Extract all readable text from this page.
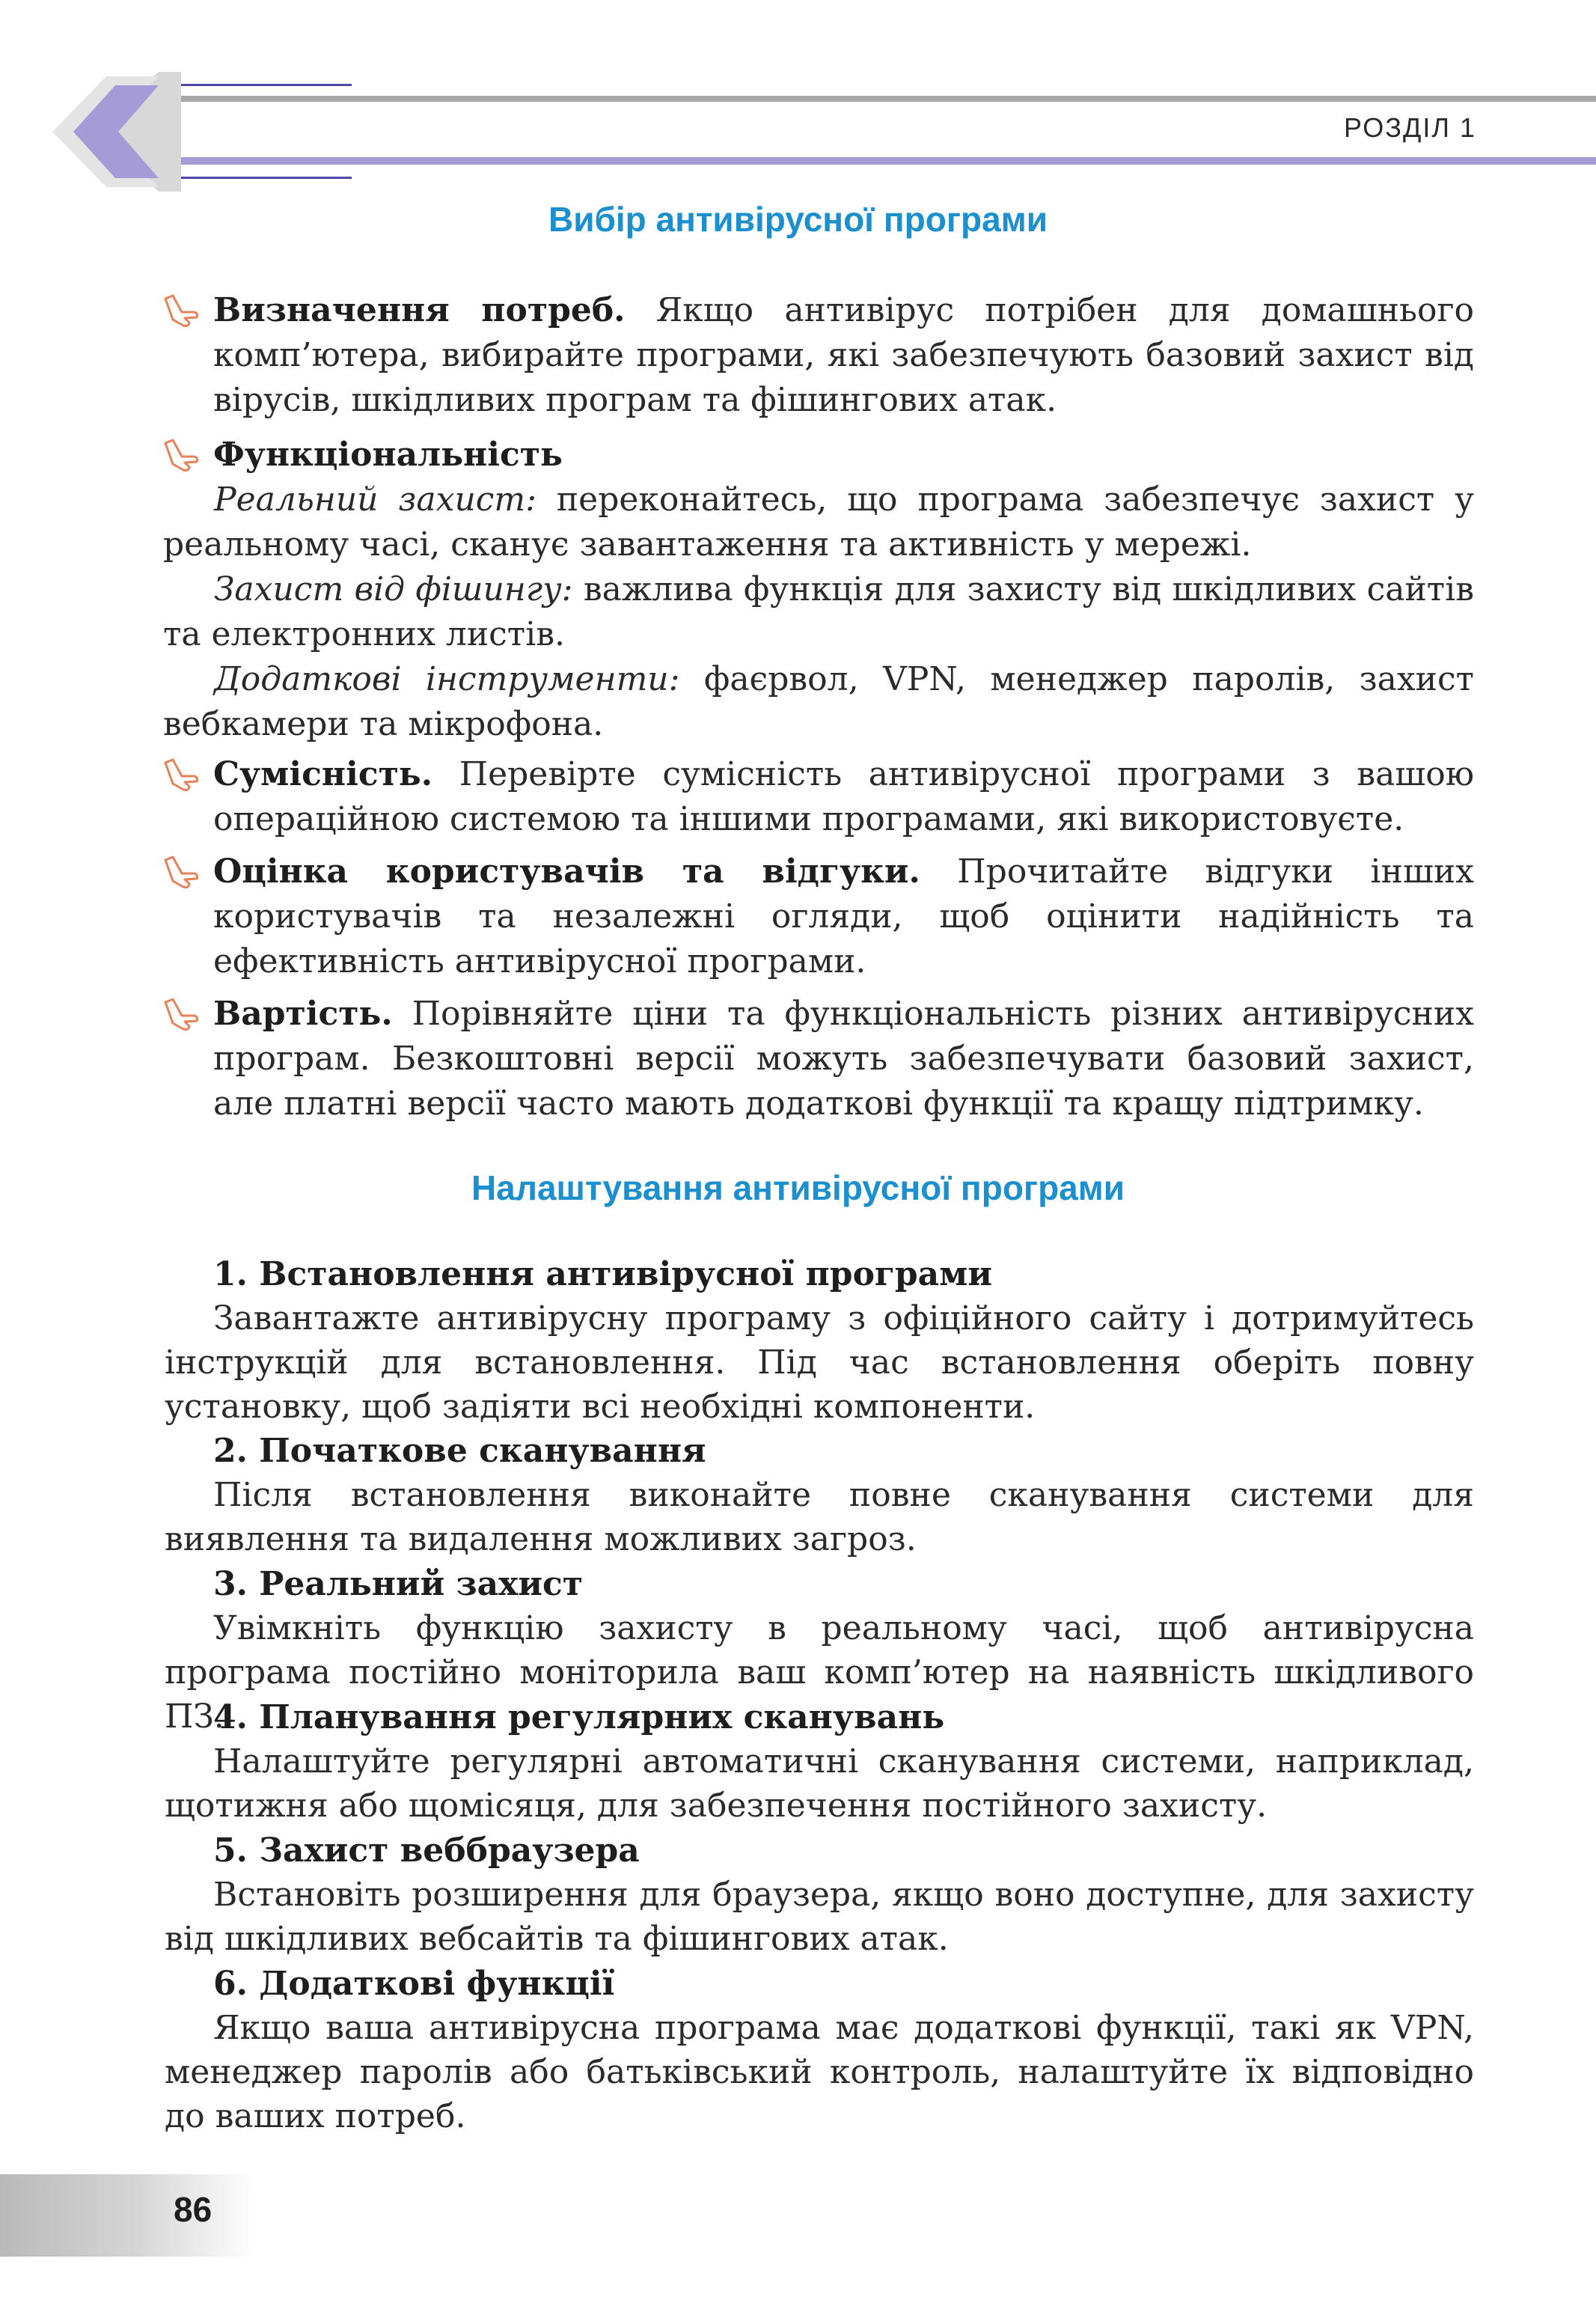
РОЗДІЛ 1
Вибір антивірусної програми
Визначення потреб. Якщо антивірус потрібен для домашнього комп’ютера, вибирайте програми, які забезпечують базовий захист від вірусів, шкідливих програм та фішингових атак.
Функціональність
Реальний захист: переконайтесь, що програма забезпечує захист у реальному часі, сканує завантаження та активність у мережі.
Захист від фішингу: важлива функція для захисту від шкідливих сайтів та електронних листів.
Додаткові інструменти: фаєрвол, VPN, менеджер паролів, захист вебкамери та мікрофона.
Сумісність. Перевірте сумісність антивірусної програми з вашою операційною системою та іншими програмами, які використовуєте.
Оцінка користувачів та відгуки. Прочитайте відгуки інших користувачів та незалежні огляди, щоб оцінити надійність та ефективність антивірусної програми.
Вартість. Порівняйте ціни та функціональність різних антивірусних програм. Безкоштовні версії можуть забезпечувати базовий захист, але платні версії часто мають додаткові функції та кращу підтримку.
Налаштування антивірусної програми
1. Встановлення антивірусної програми
Завантажте антивірусну програму з офіційного сайту і дотримуйтесь інструкцій для встановлення. Під час встановлення оберіть повну установку, щоб задіяти всі необхідні компоненти.
2. Початкове сканування
Після встановлення виконайте повне сканування системи для виявлення та видалення можливих загроз.
3. Реальний захист
Увімкніть функцію захисту в реальному часі, щоб антивірусна програма постійно моніторила ваш комп’ютер на наявність шкідливого ПЗ.
4. Планування регулярних сканувань
Налаштуйте регулярні автоматичні сканування системи, наприклад, щотижня або щомісяця, для забезпечення постійного захисту.
5. Захист веббраузера
Встановіть розширення для браузера, якщо воно доступне, для захисту від шкідливих вебсайтів та фішингових атак.
6. Додаткові функції
Якщо ваша антивірусна програма має додаткові функції, такі як VPN, менеджер паролів або батьківський контроль, налаштуйте їх відповідно до ваших потреб.
86
